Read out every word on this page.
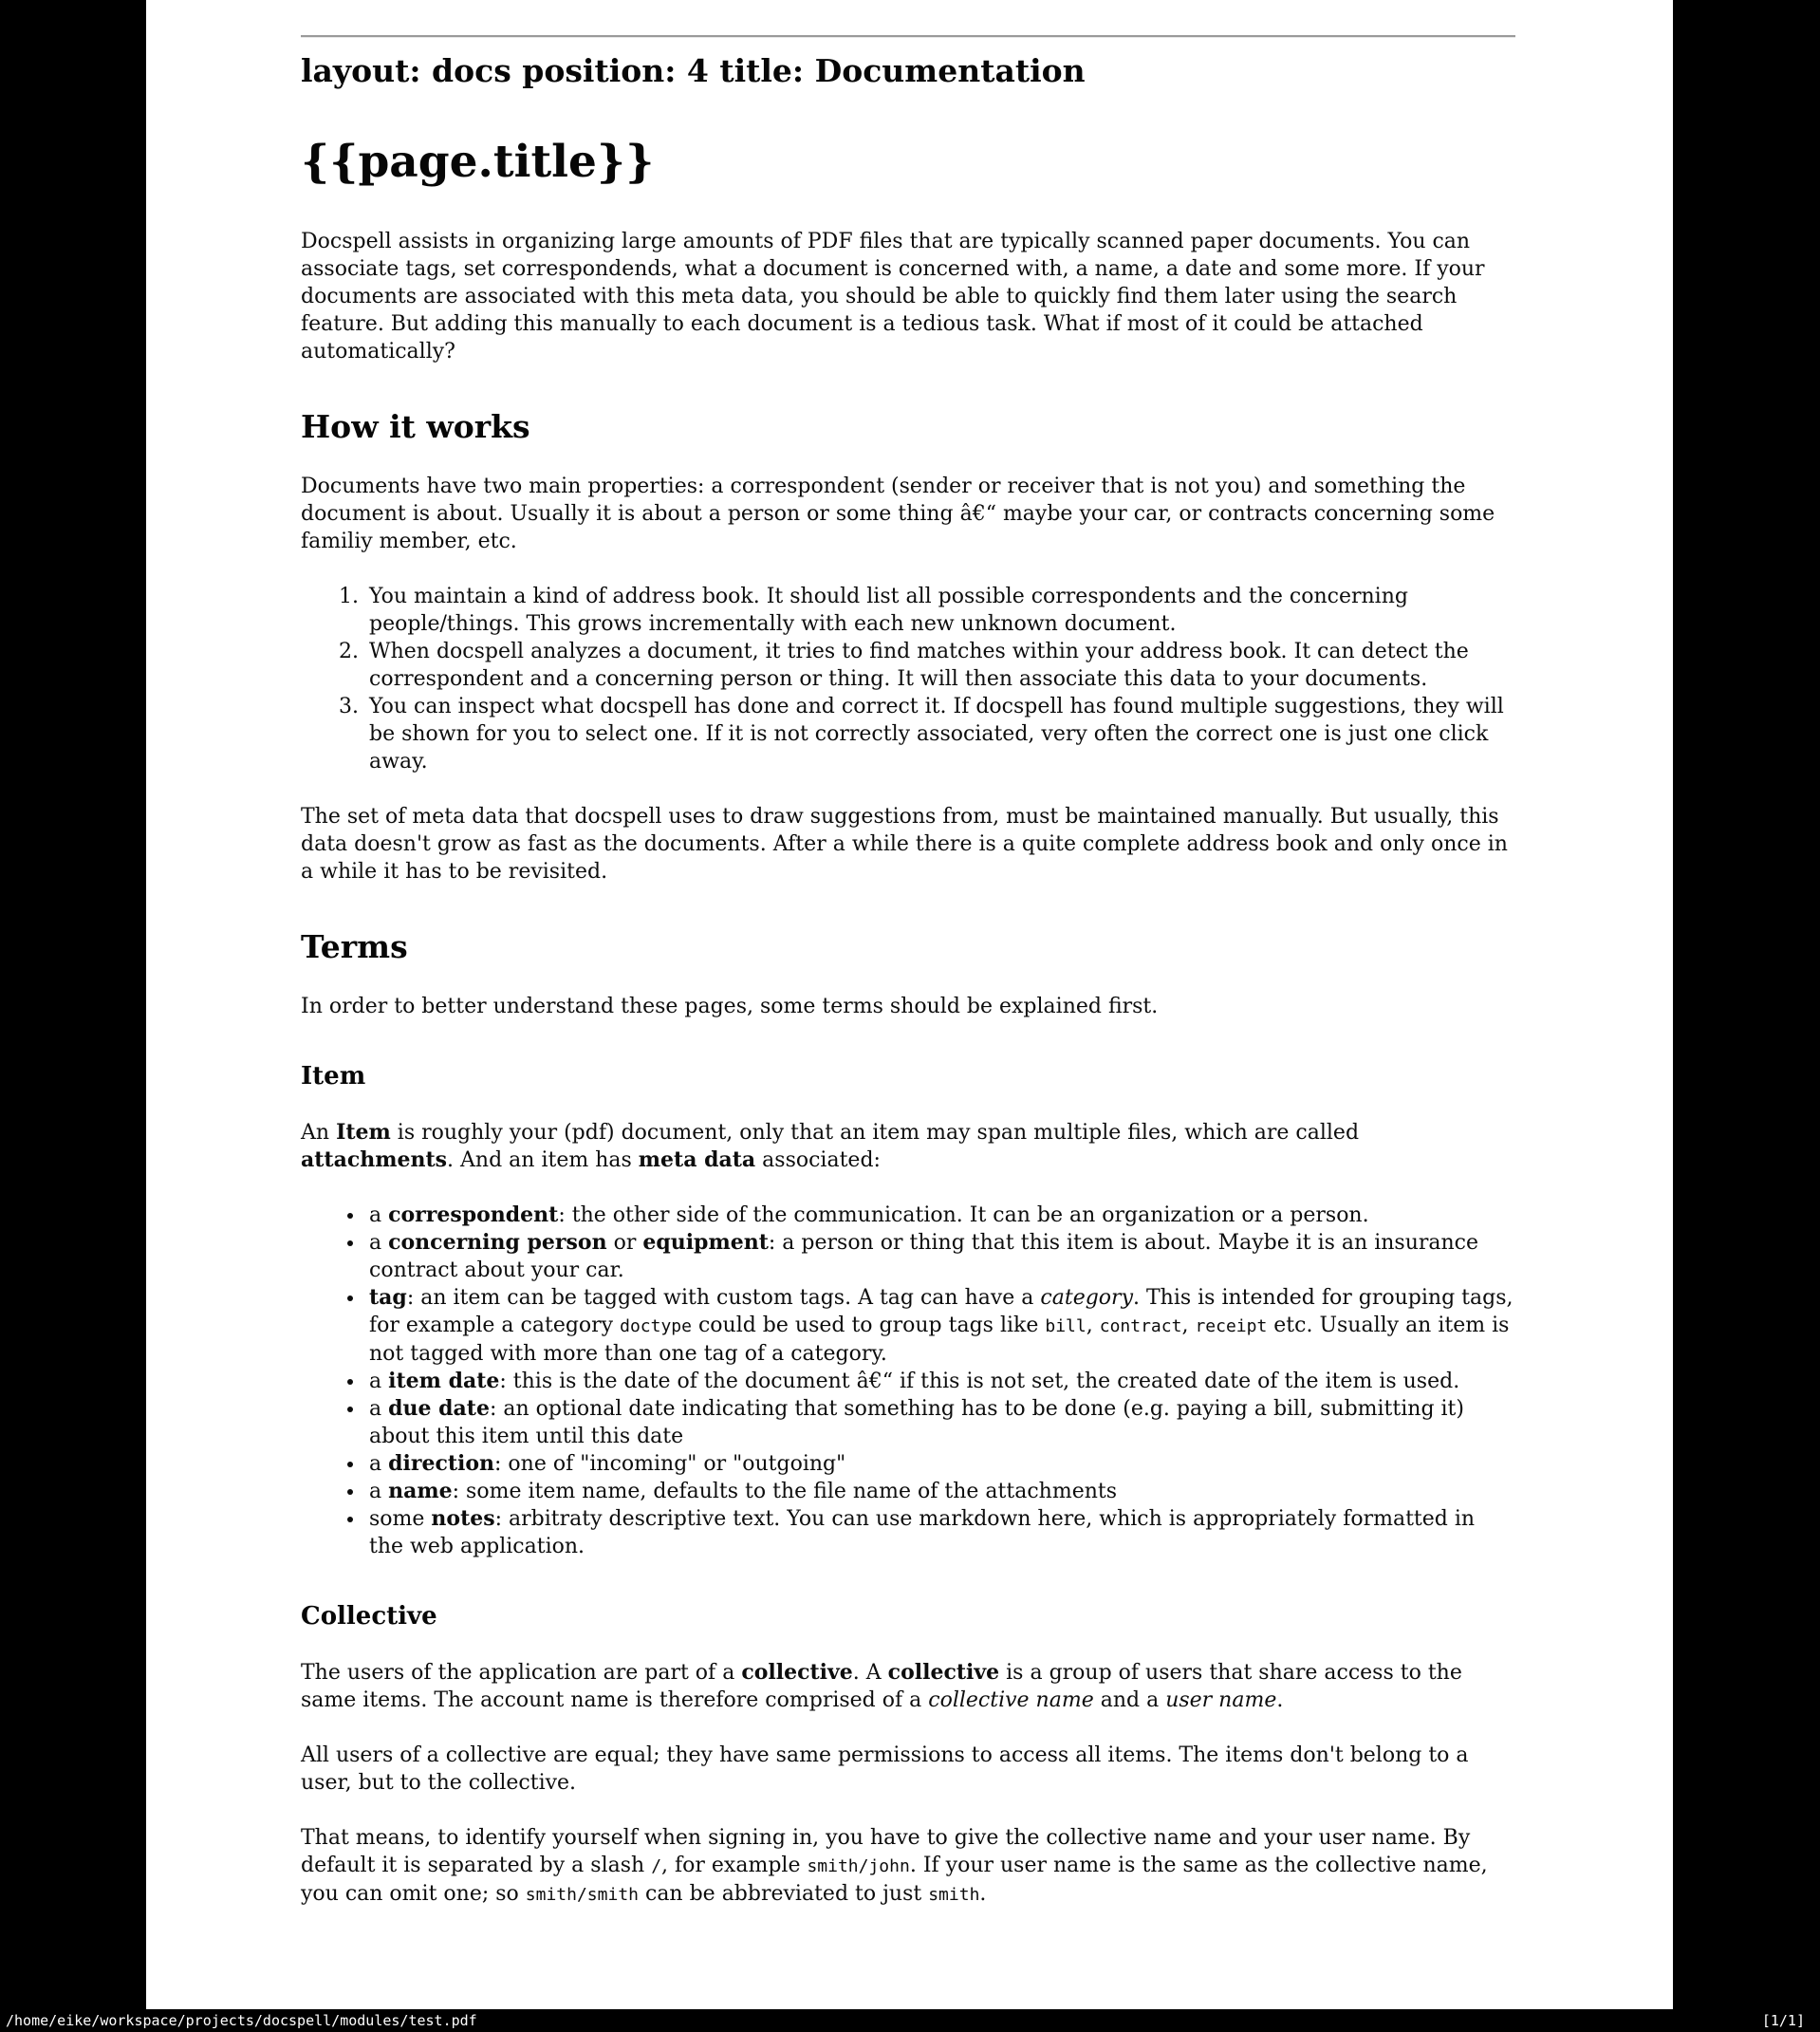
layout: docs position: 4 title: Documentation
{{page.title}}

Docspell assists in organizing large amounts of PDF files that are typically scanned paper documents. You can associate tags, set correspondends, what a document is concerned with, a name, a date and some more. If your documents are associated with this meta data, you should be able to quickly find them later using the search feature. But adding this manually to each document is a tedious task. What if most of it could be attached automatically?

How it works

Documents have two main properties: a correspondent (sender or receiver that is not you) and something the document is about. Usually it is about a person or some thing â€“ maybe your car, or contracts concerning some familiy member, etc.

1. You maintain a kind of address book. It should list all possible correspondents and the concerning people/things. This grows incrementally with each new unknown document.
2. When docspell analyzes a document, it tries to find matches within your address book. It can detect the correspondent and a concerning person or thing. It will then associate this data to your documents.
3. You can inspect what docspell has done and correct it. If docspell has found multiple suggestions, they will be shown for you to select one. If it is not correctly associated, very often the correct one is just one click away.

The set of meta data that docspell uses to draw suggestions from, must be maintained manually. But usually, this data doesn't grow as fast as the documents. After a while there is a quite complete address book and only once in a while it has to be revisited.

Terms

In order to better understand these pages, some terms should be explained first.

Item

An Item is roughly your (pdf) document, only that an item may span multiple files, which are called attachments. And an item has meta data associated:

• a correspondent: the other side of the communication. It can be an organization or a person.
• a concerning person or equipment: a person or thing that this item is about. Maybe it is an insurance contract about your car.
• tag: an item can be tagged with custom tags. A tag can have a category. This is intended for grouping tags, for example a category doctype could be used to group tags like bill, contract, receipt etc. Usually an item is not tagged with more than one tag of a category.
• a item date: this is the date of the document â€“ if this is not set, the created date of the item is used.
• a due date: an optional date indicating that something has to be done (e.g. paying a bill, submitting it) about this item until this date
• a direction: one of "incoming" or "outgoing"
• a name: some item name, defaults to the file name of the attachments
• some notes: arbitraty descriptive text. You can use markdown here, which is appropriately formatted in the web application.
Collective

The users of the application are part of a collective. A collective is a group of users that share access to the same items. The account name is therefore comprised of a collective name and a user name.

All users of a collective are equal; they have same permissions to access all items. The items don't belong to a user, but to the collective.

That means, to identify yourself when signing in, you have to give the collective name and your user name. By default it is separated by a slash /, for example smith/john. If your user name is the same as the collective name, you can omit one; so smith/smith can be abbreviated to just smith.

/home/eike/workspace/projects/docspell/modules/test.pdf	[1/1]
